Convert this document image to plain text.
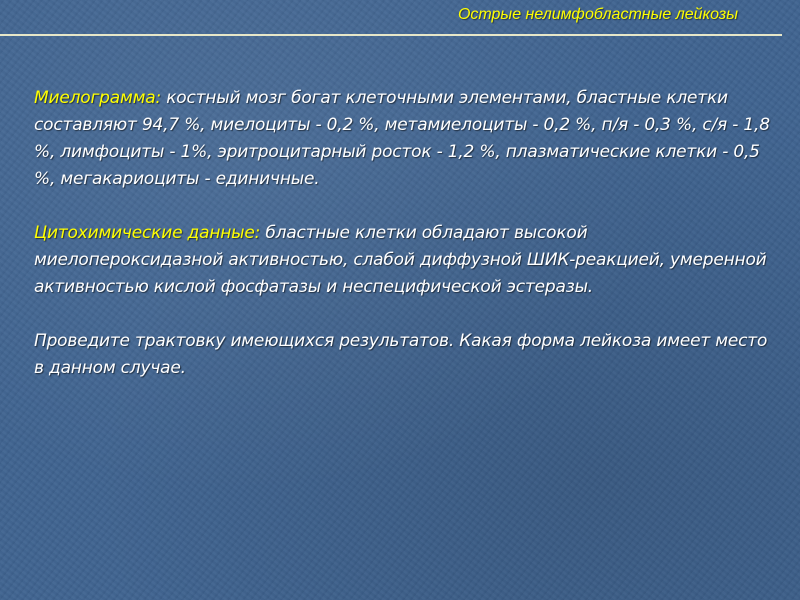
Острые нелимфобластные лейкозы

Миелограмма: костный мозг богат клеточными элементами, бластные клетки составляют 94,7 %, миелоциты - 0,2 %, метамиелоциты - 0,2 %, п/я - 0,3 %, с/я - 1,8 %, лимфоциты - 1%, эритроцитарный росток - 1,2 %, плазматические клетки - 0,5 %, мегакариоциты - единичные.

Цитохимические данные: бластные клетки обладают высокой миелопероксидазной активностью, слабой диффузной ШИК-реакцией, умеренной активностью кислой фосфатазы и неспецифической эстеразы.

Проведите трактовку имеющихся результатов. Какая форма лейкоза имеет место в данном случае.
